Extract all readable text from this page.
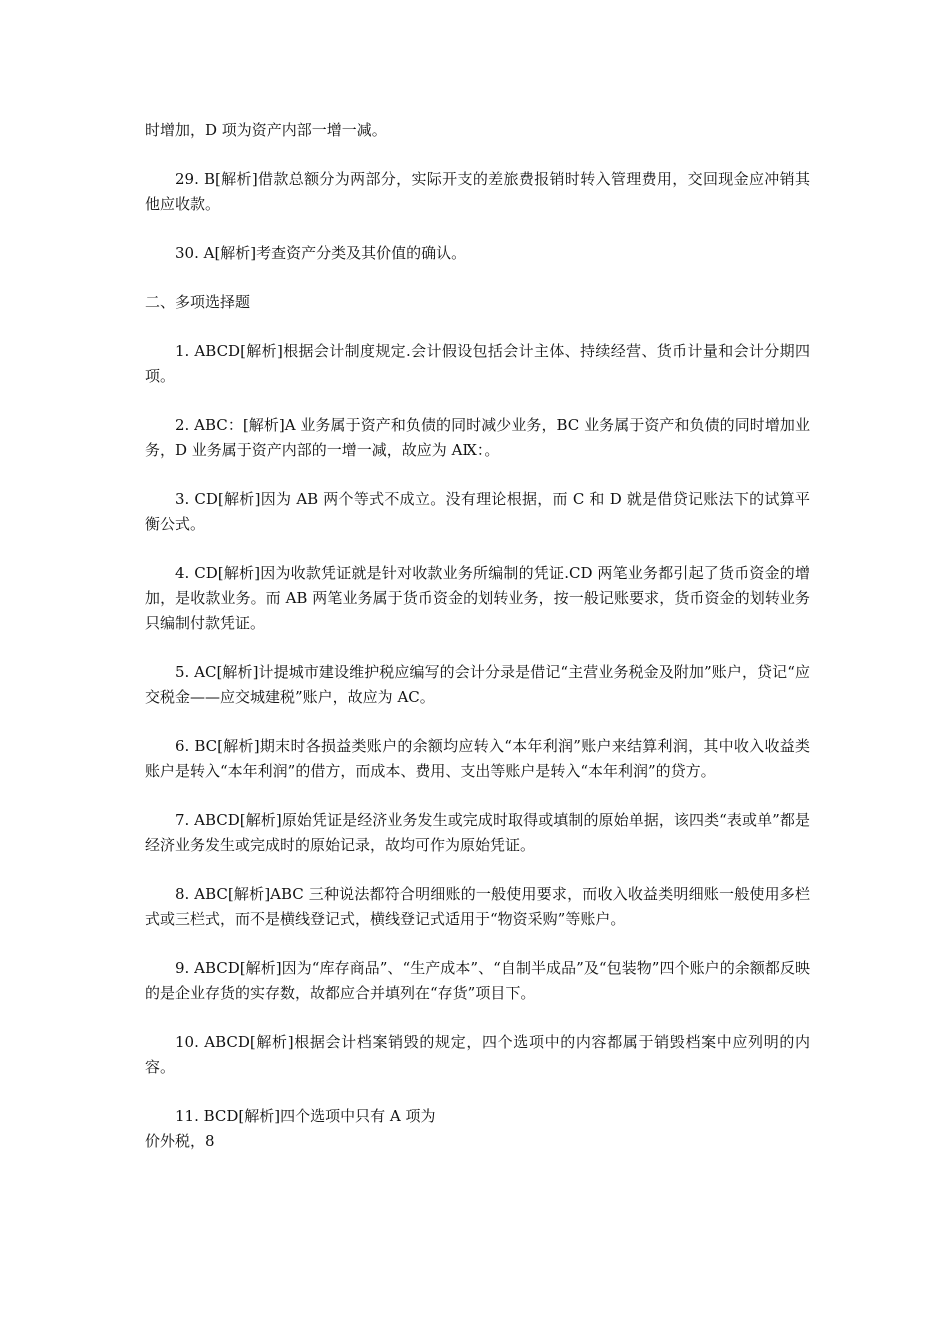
时增加，D 项为资产内部一增一减。

29. B[解析]借款总额分为两部分，实际开支的差旅费报销时转入管理费用，交回现金应冲销其他应收款。

30. A[解析]考查资产分类及其价值的确认。

二、多项选择题

1. ABCD[解析]根据会计制度规定.会计假设包括会计主体、持续经营、货币计量和会计分期四项。

2. ABC：[解析]A 业务属于资产和负债的同时减少业务，BC 业务属于资产和负债的同时增加业务，D 业务属于资产内部的一增一减，故应为 AⅨ：。

3. CD[解析]因为 AB 两个等式不成立。没有理论根据，而 C 和 D 就是借贷记账法下的试算平衡公式。

4. CD[解析]因为收款凭证就是针对收款业务所编制的凭证.CD 两笔业务都引起了货币资金的增加，是收款业务。而 AB 两笔业务属于货币资金的划转业务，按一般记账要求，货币资金的划转业务只编制付款凭证。

5. AC[解析]计提城市建设维护税应编写的会计分录是借记“主营业务税金及附加”账户，贷记“应交税金——应交城建税”账户，故应为 AC。

6. BC[解析]期末时各损益类账户的余额均应转入“本年利润”账户来结算利润，其中收入收益类账户是转入“本年利润”的借方，而成本、费用、支出等账户是转入“本年利润”的贷方。

7. ABCD[解析]原始凭证是经济业务发生或完成时取得或填制的原始单据，该四类“表或单”都是经济业务发生或完成时的原始记录，故均可作为原始凭证。

8. ABC[解析]ABC 三种说法都符合明细账的一般使用要求，而收入收益类明细账一般使用多栏式或三栏式，而不是横线登记式，横线登记式适用于“物资采购”等账户。

9. ABCD[解析]因为“库存商品”、“生产成本”、“自制半成品”及“包装物”四个账户的余额都反映的是企业存货的实存数，故都应合并填列在“存货”项目下。

10. ABCD[解析]根据会计档案销毁的规定，四个选项中的内容都属于销毁档案中应列明的内容。

11. BCD[解析]四个选项中只有 A 项为
价外税，8
